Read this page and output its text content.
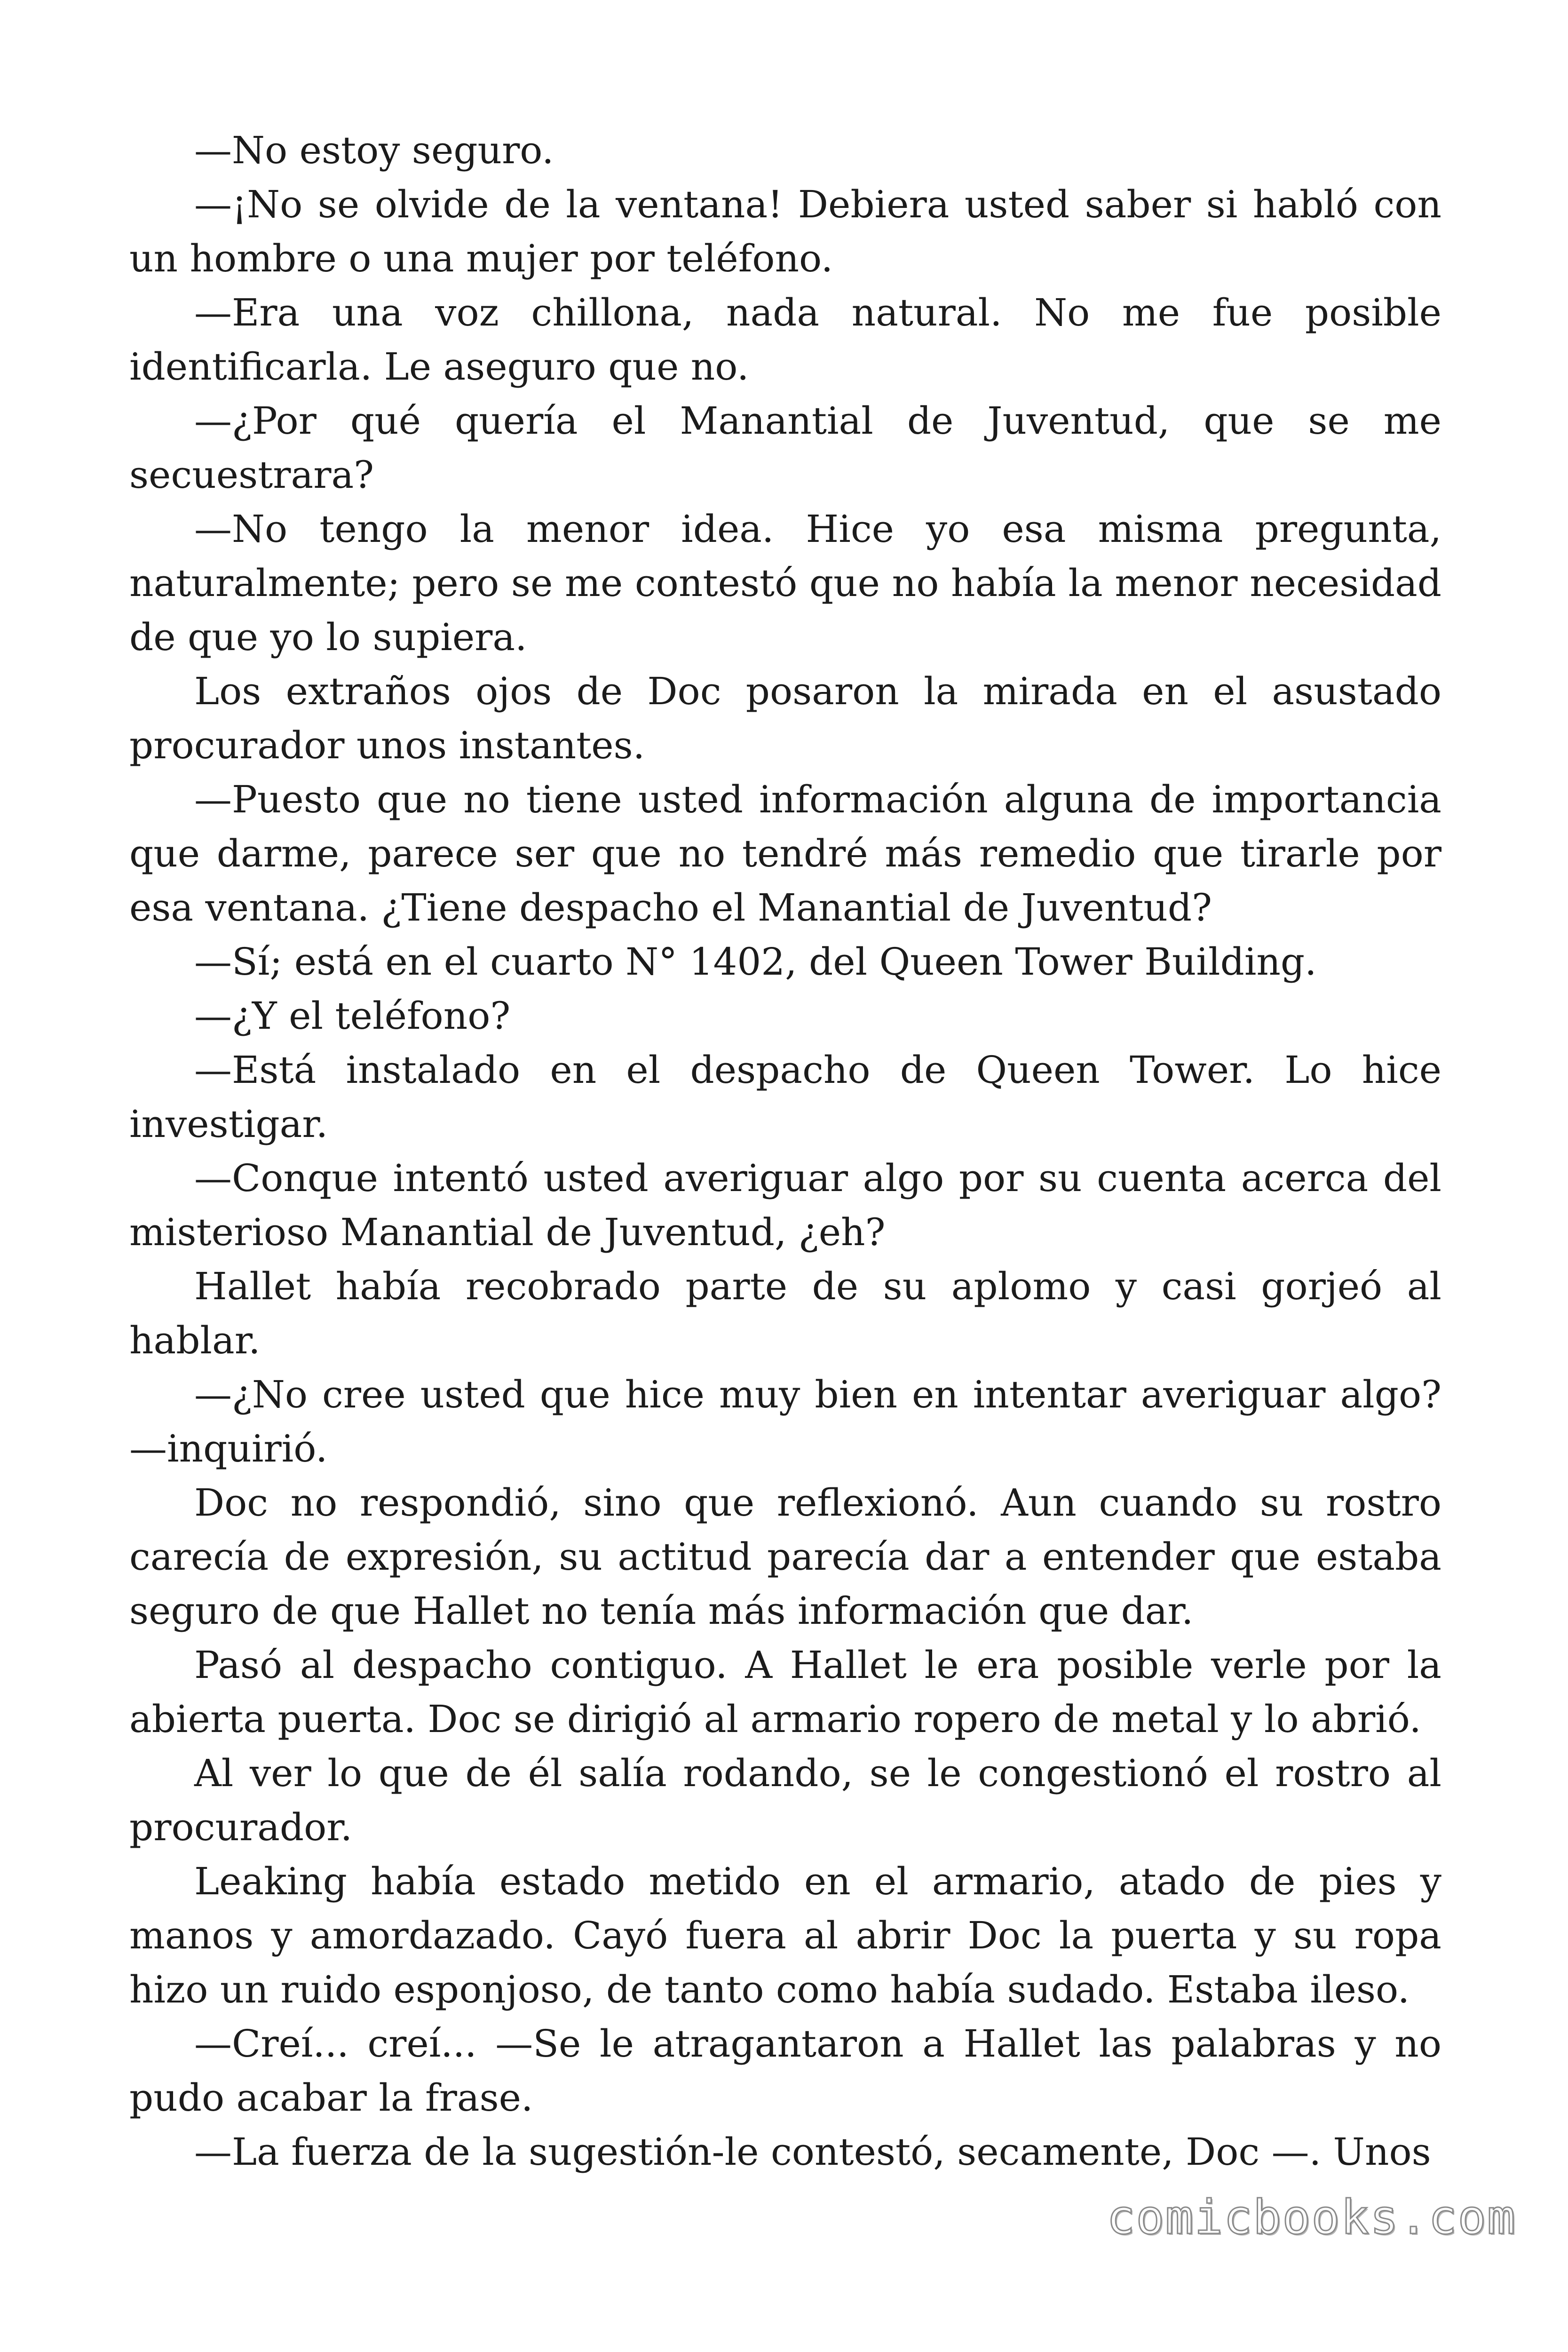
—No estoy seguro.

—¡No se olvide de la ventana! Debiera usted saber si habló con un hombre o una mujer por teléfono.

—Era una voz chillona, nada natural. No me fue posible identificarla. Le aseguro que no.

—¿Por qué quería el Manantial de Juventud, que se me secuestrara?

—No tengo la menor idea. Hice yo esa misma pregunta, naturalmente; pero se me contestó que no había la menor necesidad de que yo lo supiera.

Los extraños ojos de Doc posaron la mirada en el asustado procurador unos instantes.

—Puesto que no tiene usted información alguna de importancia que darme, parece ser que no tendré más remedio que tirarle por esa ventana. ¿Tiene despacho el Manantial de Juventud?

—Sí; está en el cuarto N° 1402, del Queen Tower Building.

—¿Y el teléfono?

—Está instalado en el despacho de Queen Tower. Lo hice investigar.

—Conque intentó usted averiguar algo por su cuenta acerca del misterioso Manantial de Juventud, ¿eh?

Hallet había recobrado parte de su aplomo y casi gorjeó al hablar.

—¿No cree usted que hice muy bien en intentar averiguar algo? —inquirió.

Doc no respondió, sino que reflexionó. Aun cuando su rostro carecía de expresión, su actitud parecía dar a entender que estaba seguro de que Hallet no tenía más información que dar.

Pasó al despacho contiguo. A Hallet le era posible verle por la abierta puerta. Doc se dirigió al armario ropero de metal y lo abrió.

Al ver lo que de él salía rodando, se le congestionó el rostro al procurador.

Leaking había estado metido en el armario, atado de pies y manos y amordazado. Cayó fuera al abrir Doc la puerta y su ropa hizo un ruido esponjoso, de tanto como había sudado. Estaba ileso.

—Creí... creí... —Se le atragantaron a Hallet las palabras y no pudo acabar la frase.

—La fuerza de la sugestión-le contestó, secamente, Doc —. Unos

comicbooks.com
